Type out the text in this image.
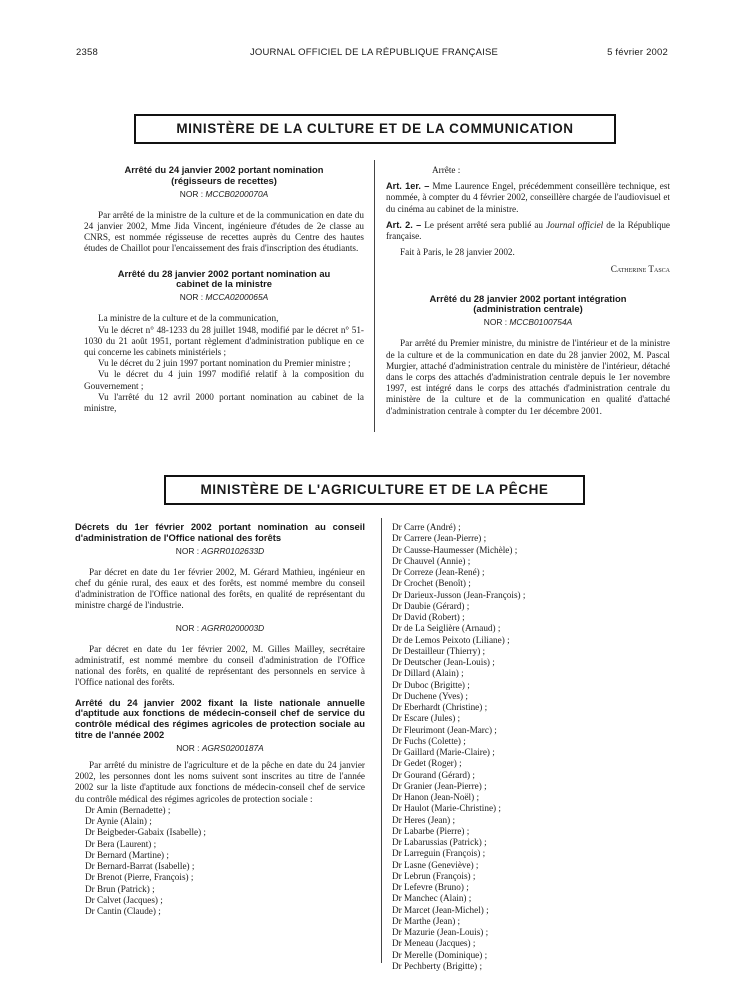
2358	JOURNAL OFFICIEL DE LA RÉPUBLIQUE FRANÇAISE	5 février 2002
MINISTÈRE DE LA CULTURE ET DE LA COMMUNICATION

Arrêté du 24 janvier 2002 portant nomination (régisseurs de recettes)

NOR : MCCB0200070A

Par arrêté de la ministre de la culture et de la communication en date du 24 janvier 2002, Mme Jida Vincent, ingénieure d'études de 2e classe au CNRS, est nommée régisseuse de recettes auprès du Centre des hautes études de Chaillot pour l'encaissement des frais d'inscription des étudiants.

Arrêté du 28 janvier 2002 portant nomination au cabinet de la ministre

NOR : MCCA0200065A

La ministre de la culture et de la communication,

Vu le décret n° 48-1233 du 28 juillet 1948, modifié par le décret n° 51-1030 du 21 août 1951, portant règlement d'administration publique en ce qui concerne les cabinets ministériels ;

Vu le décret du 2 juin 1997 portant nomination du Premier ministre ;

Vu le décret du 4 juin 1997 modifié relatif à la composition du Gouvernement ;

Vu l'arrêté du 12 avril 2000 portant nomination au cabinet de la ministre,

Arrête :

Art. 1er. – Mme Laurence Engel, précédemment conseillère technique, est nommée, à compter du 4 février 2002, conseillère chargée de l'audiovisuel et du cinéma au cabinet de la ministre.

Art. 2. – Le présent arrêté sera publié au Journal officiel de la République française.

Fait à Paris, le 28 janvier 2002.

Catherine Tasca

Arrêté du 28 janvier 2002 portant intégration (administration centrale)

NOR : MCCB0100754A

Par arrêté du Premier ministre, du ministre de l'intérieur et de la ministre de la culture et de la communication en date du 28 janvier 2002, M. Pascal Murgier, attaché d'administration centrale du ministère de l'intérieur, détaché dans le corps des attachés d'administration centrale depuis le 1er novembre 1997, est intégré dans le corps des attachés d'administration centrale du ministère de la culture et de la communication en qualité d'attaché d'administration centrale à compter du 1er décembre 2001.

MINISTÈRE DE L'AGRICULTURE ET DE LA PÊCHE

Décrets du 1er février 2002 portant nomination au conseil d'administration de l'Office national des forêts

NOR : AGRR0102633D

Par décret en date du 1er février 2002, M. Gérard Mathieu, ingénieur en chef du génie rural, des eaux et des forêts, est nommé membre du conseil d'administration de l'Office national des forêts, en qualité de représentant du ministre chargé de l'industrie.

NOR : AGRR0200003D

Par décret en date du 1er février 2002, M. Gilles Mailley, secrétaire administratif, est nommé membre du conseil d'administration de l'Office national des forêts, en qualité de représentant des personnels en service à l'Office national des forêts.

Arrêté du 24 janvier 2002 fixant la liste nationale annuelle d'aptitude aux fonctions de médecin-conseil chef de service du contrôle médical des régimes agricoles de protection sociale au titre de l'année 2002

NOR : AGRS0200187A

Par arrêté du ministre de l'agriculture et de la pêche en date du 24 janvier 2002, les personnes dont les noms suivent sont inscrites au titre de l'année 2002 sur la liste d'aptitude aux fonctions de médecin-conseil chef de service du contrôle médical des régimes agricoles de protection sociale :

Dr Amin (Bernadette) ;
Dr Aynie (Alain) ;
Dr Beigbeder-Gabaix (Isabelle) ;
Dr Bera (Laurent) ;
Dr Bernard (Martine) ;
Dr Bernard-Barrat (Isabelle) ;
Dr Brenot (Pierre, François) ;
Dr Brun (Patrick) ;
Dr Calvet (Jacques) ;
Dr Cantin (Claude) ;
Dr Carre (André) ;
Dr Carrere (Jean-Pierre) ;
Dr Causse-Haumesser (Michèle) ;
Dr Chauvel (Annie) ;
Dr Correze (Jean-René) ;
Dr Crochet (Benoît) ;
Dr Darieux-Jusson (Jean-François) ;
Dr Daubie (Gérard) ;
Dr David (Robert) ;
Dr de La Seiglière (Arnaud) ;
Dr de Lemos Peixoto (Liliane) ;
Dr Destailleur (Thierry) ;
Dr Deutscher (Jean-Louis) ;
Dr Dillard (Alain) ;
Dr Duboc (Brigitte) ;
Dr Duchene (Yves) ;
Dr Eberhardt (Christine) ;
Dr Escare (Jules) ;
Dr Fleurimont (Jean-Marc) ;
Dr Fuchs (Colette) ;
Dr Gaillard (Marie-Claire) ;
Dr Gedet (Roger) ;
Dr Gourand (Gérard) ;
Dr Granier (Jean-Pierre) ;
Dr Hanon (Jean-Noël) ;
Dr Haulot (Marie-Christine) ;
Dr Heres (Jean) ;
Dr Labarbe (Pierre) ;
Dr Labarussias (Patrick) ;
Dr Larreguin (François) ;
Dr Lasne (Geneviève) ;
Dr Lebrun (François) ;
Dr Lefevre (Bruno) ;
Dr Manchec (Alain) ;
Dr Marcet (Jean-Michel) ;
Dr Marthe (Jean) ;
Dr Mazurie (Jean-Louis) ;
Dr Meneau (Jacques) ;
Dr Merelle (Dominique) ;
Dr Pechberty (Brigitte) ;
